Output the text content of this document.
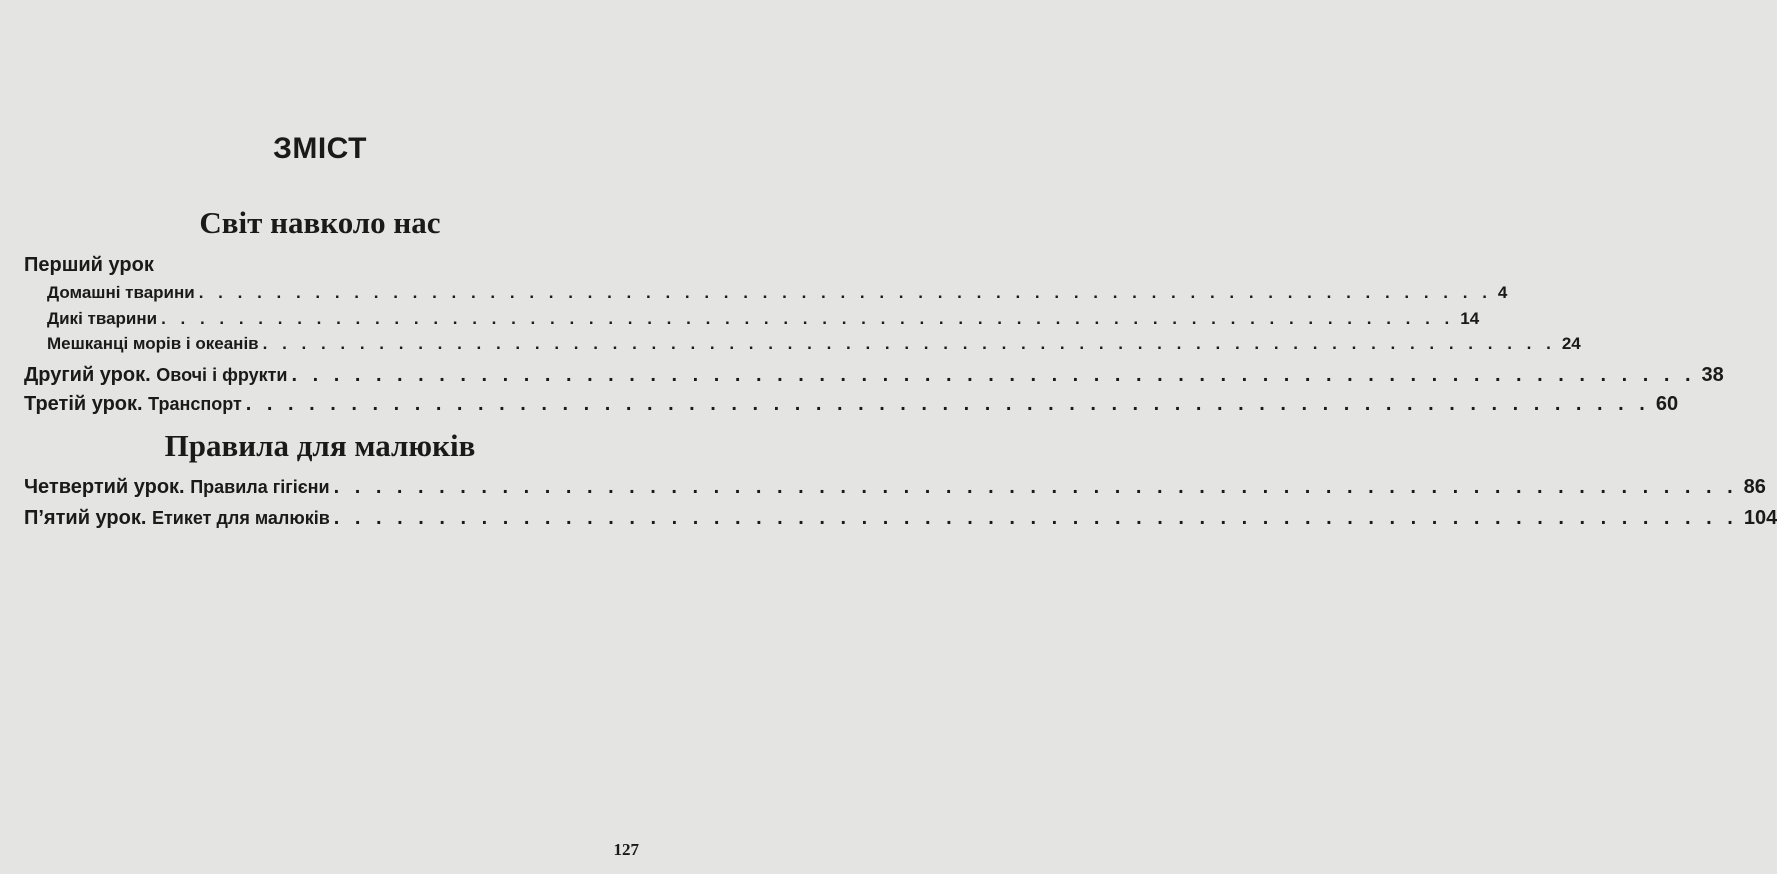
ЗМІСТ
Світ навколо нас
Перший урок
Домашні тварини . . . . . . . . . . . . . . . . . . . . . . . . . . . . . . . . . . . . . . . . . . . . . . . . . . . . . . . . . . . . . . . . . . . 4
Дикі тварини . . . . . . . . . . . . . . . . . . . . . . . . . . . . . . . . . . . . . . . . . . . . . . . . . . . . . . . . . . . . . . . . . . . 14
Мешканці морів і океанів . . . . . . . . . . . . . . . . . . . . . . . . . . . . . . . . . . . . . . . . . . . . . . . . . . . . . . . . . . . . . . . . . . . 24
Другий урок. Овочі і фрукти . . . . . . . . . . . . . . . . . . . . . . . . . . . . . . . . . . . . . . . . . . . . . . . . . . . . . . . . . . . . . . . . . . . 38
Третій урок. Транспорт . . . . . . . . . . . . . . . . . . . . . . . . . . . . . . . . . . . . . . . . . . . . . . . . . . . . . . . . . . . . . . . . . . . 60
Правила для малюків
Четвертий урок. Правила гігієни . . . . . . . . . . . . . . . . . . . . . . . . . . . . . . . . . . . . . . . . . . . . . . . . . . . . . . . . . . . . . . . . . . . 86
П’ятий урок. Етикет для малюків . . . . . . . . . . . . . . . . . . . . . . . . . . . . . . . . . . . . . . . . . . . . . . . . . . . . . . . . . . . . . . . . . . . 104
127
